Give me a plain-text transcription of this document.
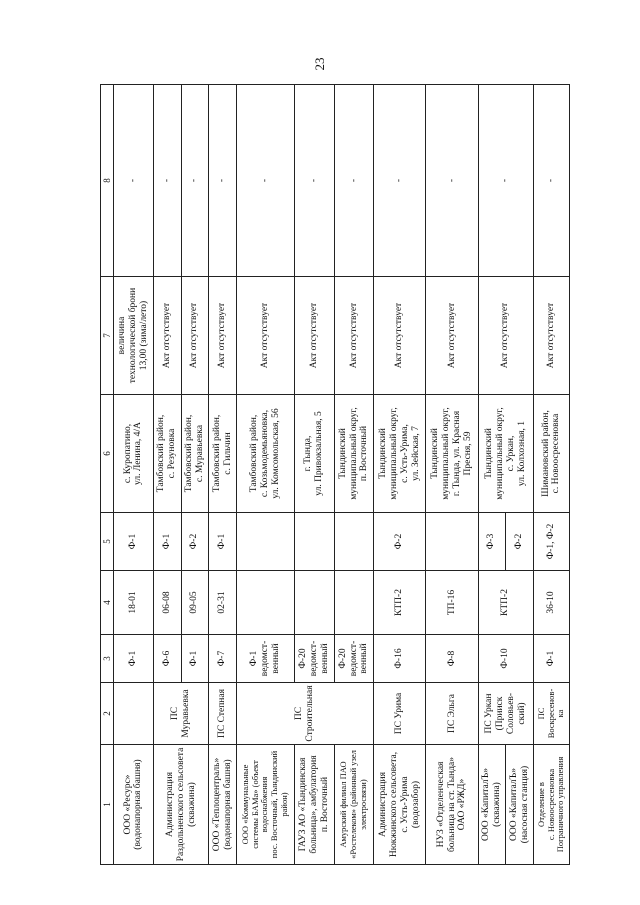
23
1	2	3	4	5	6	7	8
ООО «Ресурс»
(водонапорная башня)		Ф-1	18-01	Ф-1	с. Куропатино,
ул. Ленина, 4/А	величина
технологической брони
13,00 (зима/лето)	-
Администрация
Раздольненского сельсовета
(скважина)	ПС
Муравьевка	Ф-6	06-08	Ф-1	Тамбовский район,
с. Резуновка	Акт отсутствует	-
		Ф-1	09-05	Ф-2	Тамбовский район,
с. Муравьевка	Акт отсутствует	-
ООО «Теплоцентраль»
(водонапорная башня)	ПС Степная	Ф-7	02-31	Ф-1	Тамбовский район,
с. Гильчин	Акт отсутствует	-
ООО «Коммунальные
системы БАМа» (объект
водоснабжения
пос. Восточный, Тындинский
район)	ПС
Строительная	Ф-1
ведомст-
венный			Тамбовский район,
с. Козьмодемьяновка,
ул. Комсомольская, 56	Акт отсутствует	-
ГАУЗ АО «Тындинская
больница», амбулатория
п. Восточный		Ф-20
ведомст-
венный			г. Тында,
ул. Привокзальная, 5	Акт отсутствует	-
Амурский филиал ПАО
«Ростелеком» (районный узел
электросвязи)		Ф-20
ведомст-
венный			Тындинский
муниципальный округ,
п. Восточный	Акт отсутствует	-
Администрация
Нюкжинского сельсовета,
с. Усть-Урима
(водозабор)	ПС Урима	Ф-16	КТП-2	Ф-2	Тындинский
муниципальный округ,
с. Усть-Урима,
ул. Зейская, 7	Акт отсутствует	-
НУЗ «Отделенческая
больница на ст. Тында»
ОАО «РЖД»	ПС Эльга	Ф-8	ТП-16		Тындинский
муниципальный округ,
г. Тында, ул. Красная
Пресня, 59	Акт отсутствует	-
ООО «КапиталЪ»
(скважина)	ПС Уркан
(Прииск
Соловьев-
ский)	Ф-10	КТП-2	Ф-3	Тындинский
муниципальный округ,
с. Уркан,
ул. Колхозная, 1	Акт отсутствует	-
ООО «КапиталЪ»
(насосная станция)				Ф-2			
Отделение в
с. Новоосресеновка
Пограничного управления	ПС
Воскресенов-
ка	Ф-1	36-10	Ф-1, Ф-2	Шимановский район,
с. Новоосресеновка	Акт отсутствует	-
